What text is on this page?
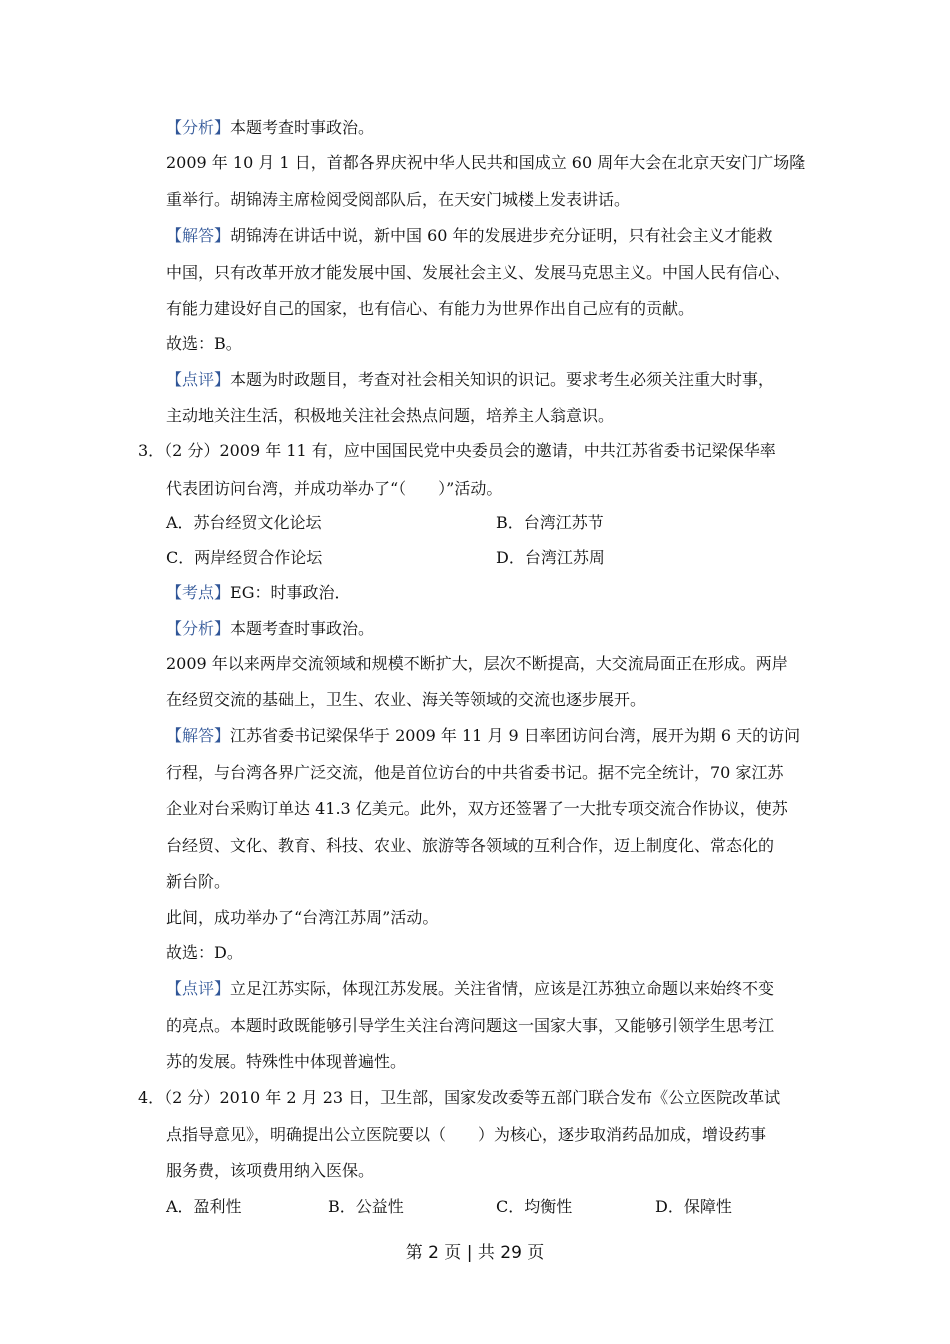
【分析】本题考查时事政治。
2009 年 10 月 1 日，首都各界庆祝中华人民共和国成立 60 周年大会在北京天安门广场隆
重举行。胡锦涛主席检阅受阅部队后，在天安门城楼上发表讲话。
【解答】胡锦涛在讲话中说，新中国 60 年的发展进步充分证明，只有社会主义才能救
中国，只有改革开放才能发展中国、发展社会主义、发展马克思主义。中国人民有信心、
有能力建设好自己的国家，也有信心、有能力为世界作出自己应有的贡献。
故选：B。
【点评】本题为时政题目，考查对社会相关知识的识记。要求考生必须关注重大时事，
主动地关注生活，积极地关注社会热点问题，培养主人翁意识。
3．（2 分）2009 年 11 有，应中国国民党中央委员会的邀请，中共江苏省委书记梁保华率
代表团访问台湾，并成功举办了“（　　）”活动。
A．苏台经贸文化论坛	B．台湾江苏节
C．两岸经贸合作论坛	D．台湾江苏周
【考点】EG：时事政治．
【分析】本题考查时事政治。
2009 年以来两岸交流领域和规模不断扩大，层次不断提高，大交流局面正在形成。两岸
在经贸交流的基础上，卫生、农业、海关等领域的交流也逐步展开。
【解答】江苏省委书记梁保华于 2009 年 11 月 9 日率团访问台湾，展开为期 6 天的访问
行程，与台湾各界广泛交流，他是首位访台的中共省委书记。据不完全统计，70 家江苏
企业对台采购订单达 41.3 亿美元。此外，双方还签署了一大批专项交流合作协议，使苏
台经贸、文化、教育、科技、农业、旅游等各领域的互利合作，迈上制度化、常态化的
新台阶。
此间，成功举办了“台湾江苏周”活动。
故选：D。
【点评】立足江苏实际，体现江苏发展。关注省情，应该是江苏独立命题以来始终不变
的亮点。本题时政既能够引导学生关注台湾问题这一国家大事，又能够引领学生思考江
苏的发展。特殊性中体现普遍性。
4．（2 分）2010 年 2 月 23 日，卫生部，国家发改委等五部门联合发布《公立医院改革试
点指导意见》，明确提出公立医院要以（　　）为核心，逐步取消药品加成，增设药事
服务费，该项费用纳入医保。
A．盈利性	B．公益性	C．均衡性	D．保障性
第 2 页 | 共 29 页
